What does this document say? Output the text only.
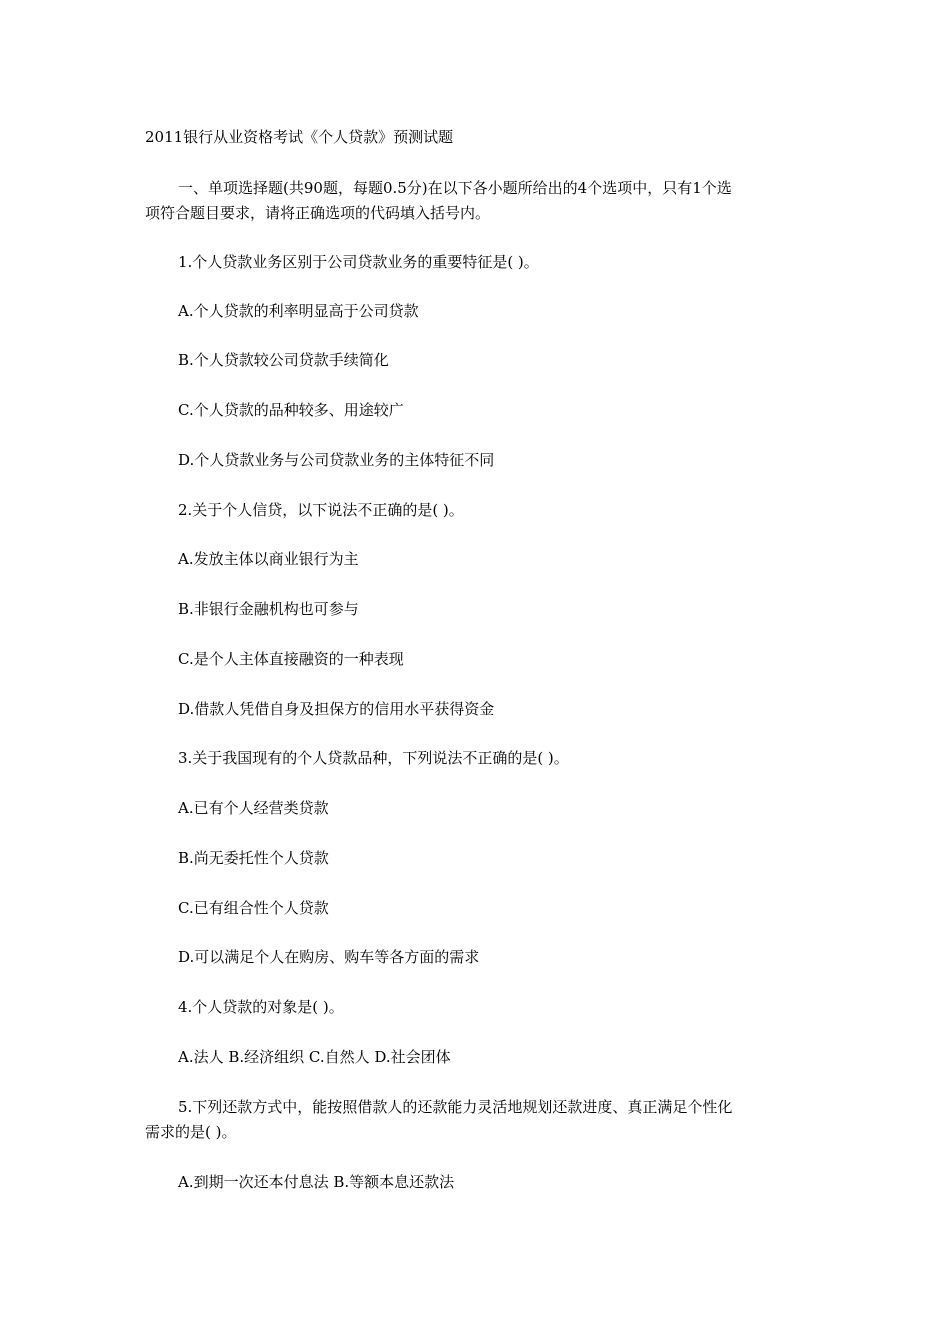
2011银行从业资格考试《个人贷款》预测试题
一、单项选择题(共90题，每题0.5分)在以下各小题所给出的4个选项中，只有1个选
项符合题目要求，请将正确选项的代码填入括号内。
1.个人贷款业务区别于公司贷款业务的重要特征是( )。
A.个人贷款的利率明显高于公司贷款
B.个人贷款较公司贷款手续简化
C.个人贷款的品种较多、用途较广
D.个人贷款业务与公司贷款业务的主体特征不同
2.关于个人信贷，以下说法不正确的是( )。
A.发放主体以商业银行为主
B.非银行金融机构也可参与
C.是个人主体直接融资的一种表现
D.借款人凭借自身及担保方的信用水平获得资金
3.关于我国现有的个人贷款品种，下列说法不正确的是( )。
A.已有个人经营类贷款
B.尚无委托性个人贷款
C.已有组合性个人贷款
D.可以满足个人在购房、购车等各方面的需求
4.个人贷款的对象是( )。
A.法人 B.经济组织 C.自然人 D.社会团体
5.下列还款方式中，能按照借款人的还款能力灵活地规划还款进度、真正满足个性化
需求的是( )。
A.到期一次还本付息法 B.等额本息还款法
